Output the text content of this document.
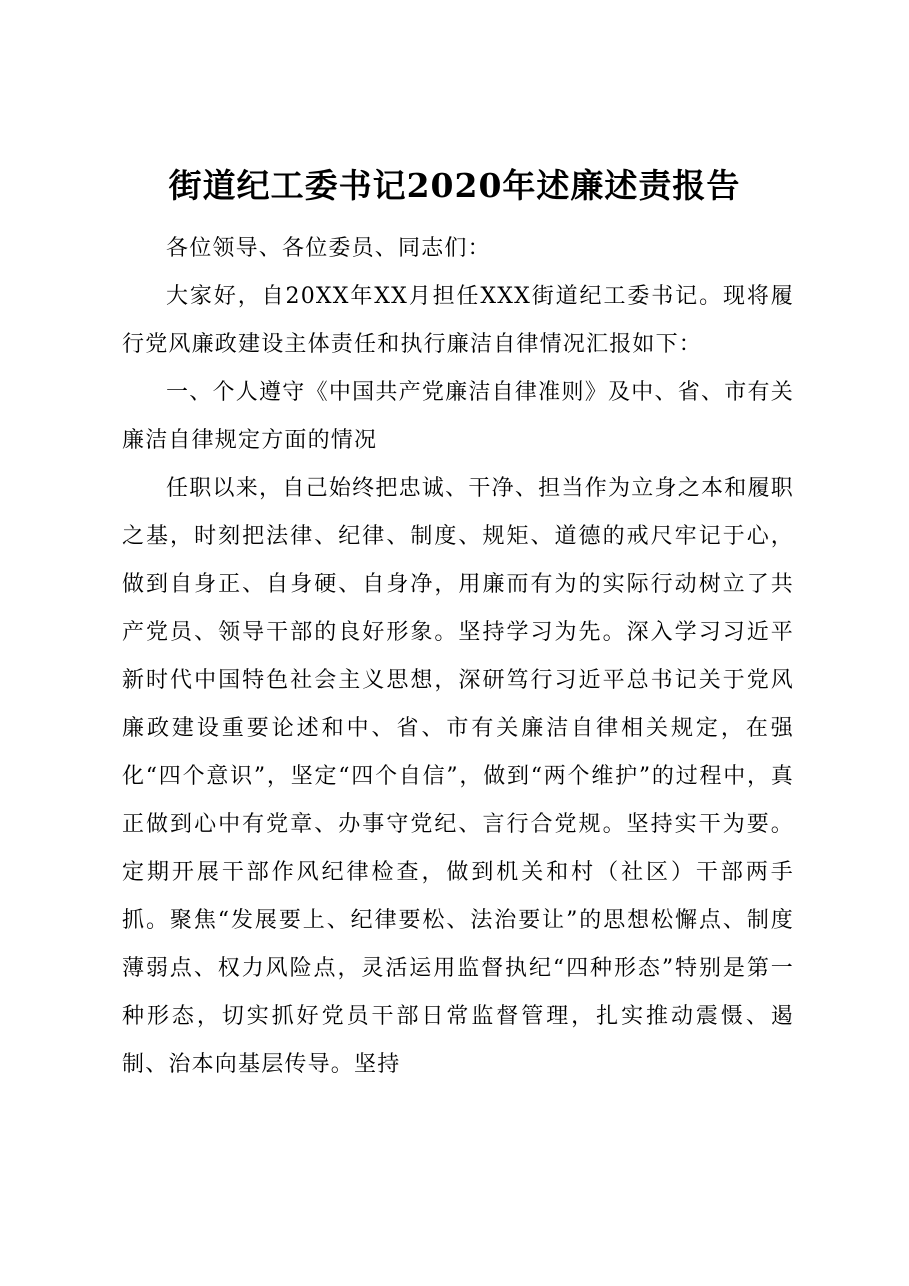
街道纪工委书记2020年述廉述责报告

各位领导、各位委员、同志们：

大家好，自20XX年XX月担任XXX街道纪工委书记。现将履行党风廉政建设主体责任和执行廉洁自律情况汇报如下：

一、个人遵守《中国共产党廉洁自律准则》及中、省、市有关廉洁自律规定方面的情况

任职以来，自己始终把忠诚、干净、担当作为立身之本和履职之基，时刻把法律、纪律、制度、规矩、道德的戒尺牢记于心，做到自身正、自身硬、自身净，用廉而有为的实际行动树立了共产党员、领导干部的良好形象。坚持学习为先。深入学习习近平新时代中国特色社会主义思想，深研笃行习近平总书记关于党风廉政建设重要论述和中、省、市有关廉洁自律相关规定，在强化“四个意识”，坚定“四个自信”，做到“两个维护”的过程中，真正做到心中有党章、办事守党纪、言行合党规。坚持实干为要。定期开展干部作风纪律检查，做到机关和村（社区）干部两手抓。聚焦“发展要上、纪律要松、法治要让”的思想松懈点、制度薄弱点、权力风险点，灵活运用监督执纪“四种形态”特别是第一种形态，切实抓好党员干部日常监督管理，扎实推动震慑、遏制、治本向基层传导。坚持
